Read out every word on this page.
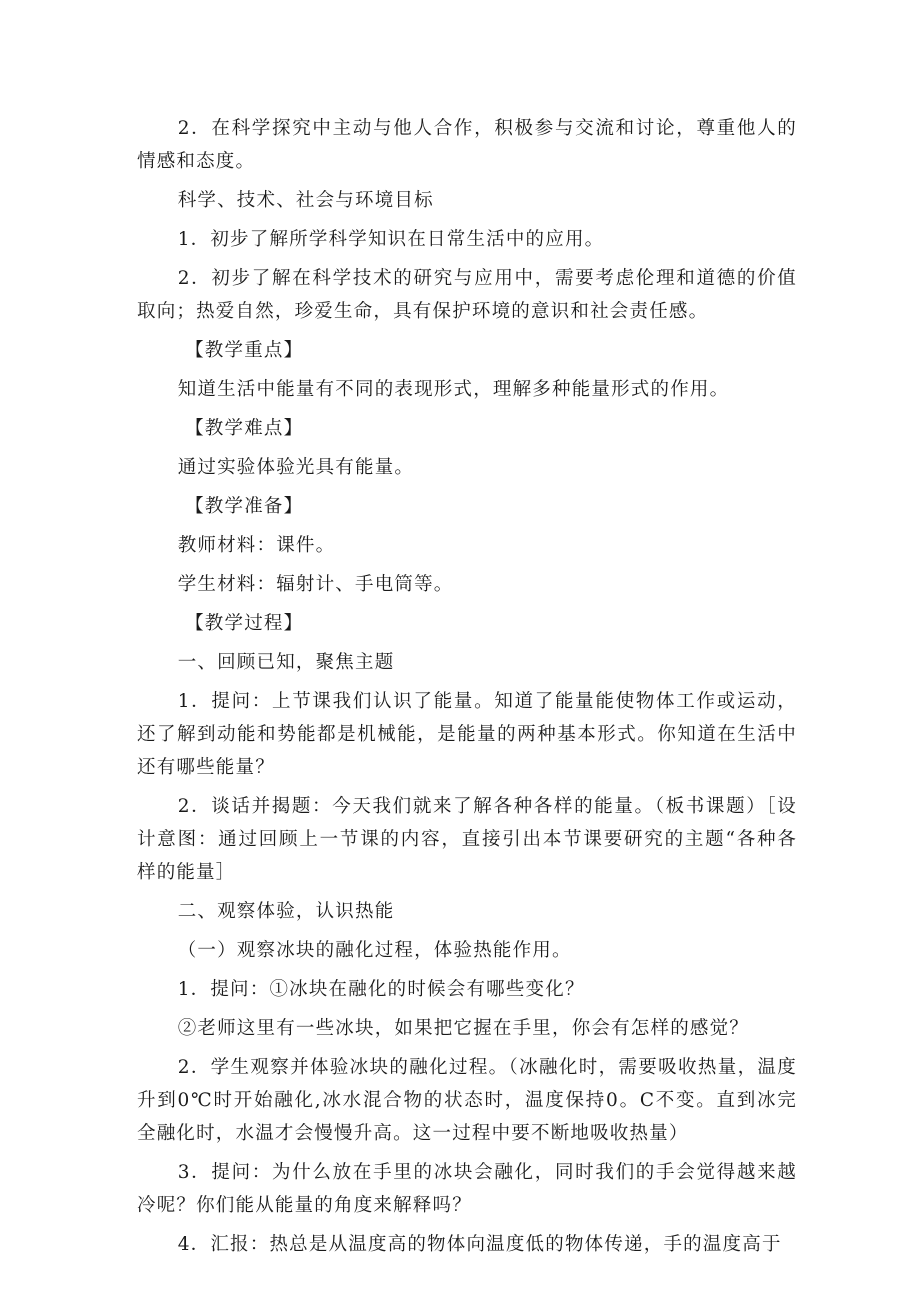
2．在科学探究中主动与他人合作，积极参与交流和讨论，尊重他人的情感和态度。

科学、技术、社会与环境目标

1．初步了解所学科学知识在日常生活中的应用。

2．初步了解在科学技术的研究与应用中，需要考虑伦理和道德的价值取向；热爱自然，珍爱生命，具有保护环境的意识和社会责任感。

【教学重点】

知道生活中能量有不同的表现形式，理解多种能量形式的作用。

【教学难点】

通过实验体验光具有能量。

【教学准备】

教师材料：课件。

学生材料：辐射计、手电筒等。

【教学过程】

一、回顾已知，聚焦主题

1．提问：上节课我们认识了能量。知道了能量能使物体工作或运动，还了解到动能和势能都是机械能，是能量的两种基本形式。你知道在生活中还有哪些能量？

2．谈话并揭题：今天我们就来了解各种各样的能量。（板书课题）［设计意图：通过回顾上一节课的内容，直接引出本节课要研究的主题“各种各样的能量］

二、观察体验，认识热能

（一）观察冰块的融化过程，体验热能作用。

1．提问：①冰块在融化的时候会有哪些变化？

②老师这里有一些冰块，如果把它握在手里，你会有怎样的感觉？

2．学生观察并体验冰块的融化过程。（冰融化时，需要吸收热量，温度升到0℃时开始融化,冰水混合物的状态时，温度保持0。C不变。直到冰完全融化时，水温才会慢慢升高。这一过程中要不断地吸收热量）

3．提问：为什么放在手里的冰块会融化，同时我们的手会觉得越来越冷呢？你们能从能量的角度来解释吗？

4．汇报：热总是从温度高的物体向温度低的物体传递，手的温度高于
